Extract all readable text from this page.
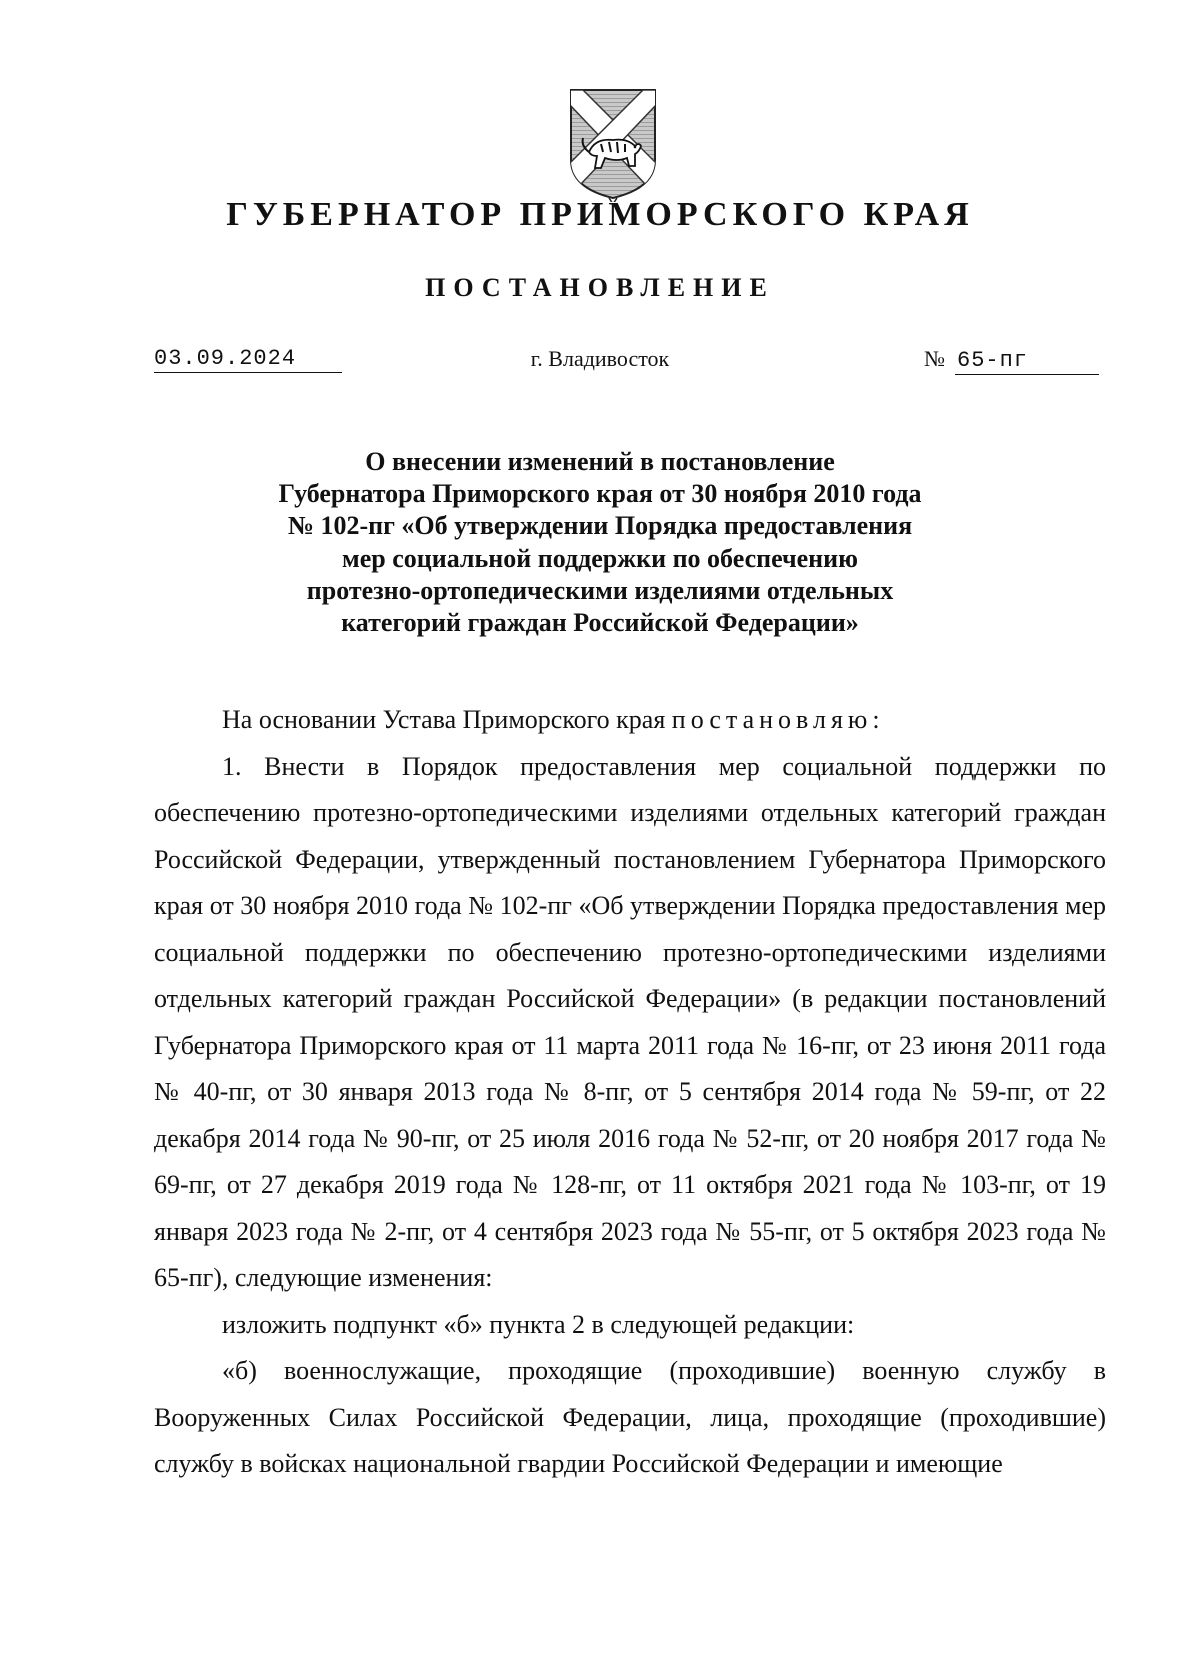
ГУБЕРНАТОР ПРИМОРСКОГО КРАЯ
ПОСТАНОВЛЕНИЕ
03.09.2024	г. Владивосток	№ 65-пг
О внесении изменений в постановление
Губернатора Приморского края от 30 ноября 2010 года
№ 102-пг «Об утверждении Порядка предоставления
мер социальной поддержки по обеспечению
протезно-ортопедическими изделиями отдельных
категорий граждан Российской Федерации»

На основании Устава Приморского края постановляю:

1. Внести в Порядок предоставления мер социальной поддержки по обеспечению протезно-ортопедическими изделиями отдельных категорий граждан Российской Федерации, утвержденный постановлением Губернатора Приморского края от 30 ноября 2010 года № 102-пг «Об утверждении Порядка предоставления мер социальной поддержки по обеспечению протезно-ортопедическими изделиями отдельных категорий граждан Российской Федерации» (в редакции постановлений Губернатора Приморского края от 11 марта 2011 года № 16-пг, от 23 июня 2011 года № 40-пг, от 30 января 2013 года № 8-пг, от 5 сентября 2014 года № 59-пг, от 22 декабря 2014 года № 90-пг, от 25 июля 2016 года № 52-пг, от 20 ноября 2017 года № 69-пг, от 27 декабря 2019 года № 128-пг, от 11 октября 2021 года № 103-пг, от 19 января 2023 года № 2-пг, от 4 сентября 2023 года № 55-пг, от 5 октября 2023 года № 65-пг), следующие изменения:

изложить подпункт «б» пункта 2 в следующей редакции:

«б) военнослужащие, проходящие (проходившие) военную службу в Вооруженных Силах Российской Федерации, лица, проходящие (проходившие) службу в войсках национальной гвардии Российской Федерации и имеющие
